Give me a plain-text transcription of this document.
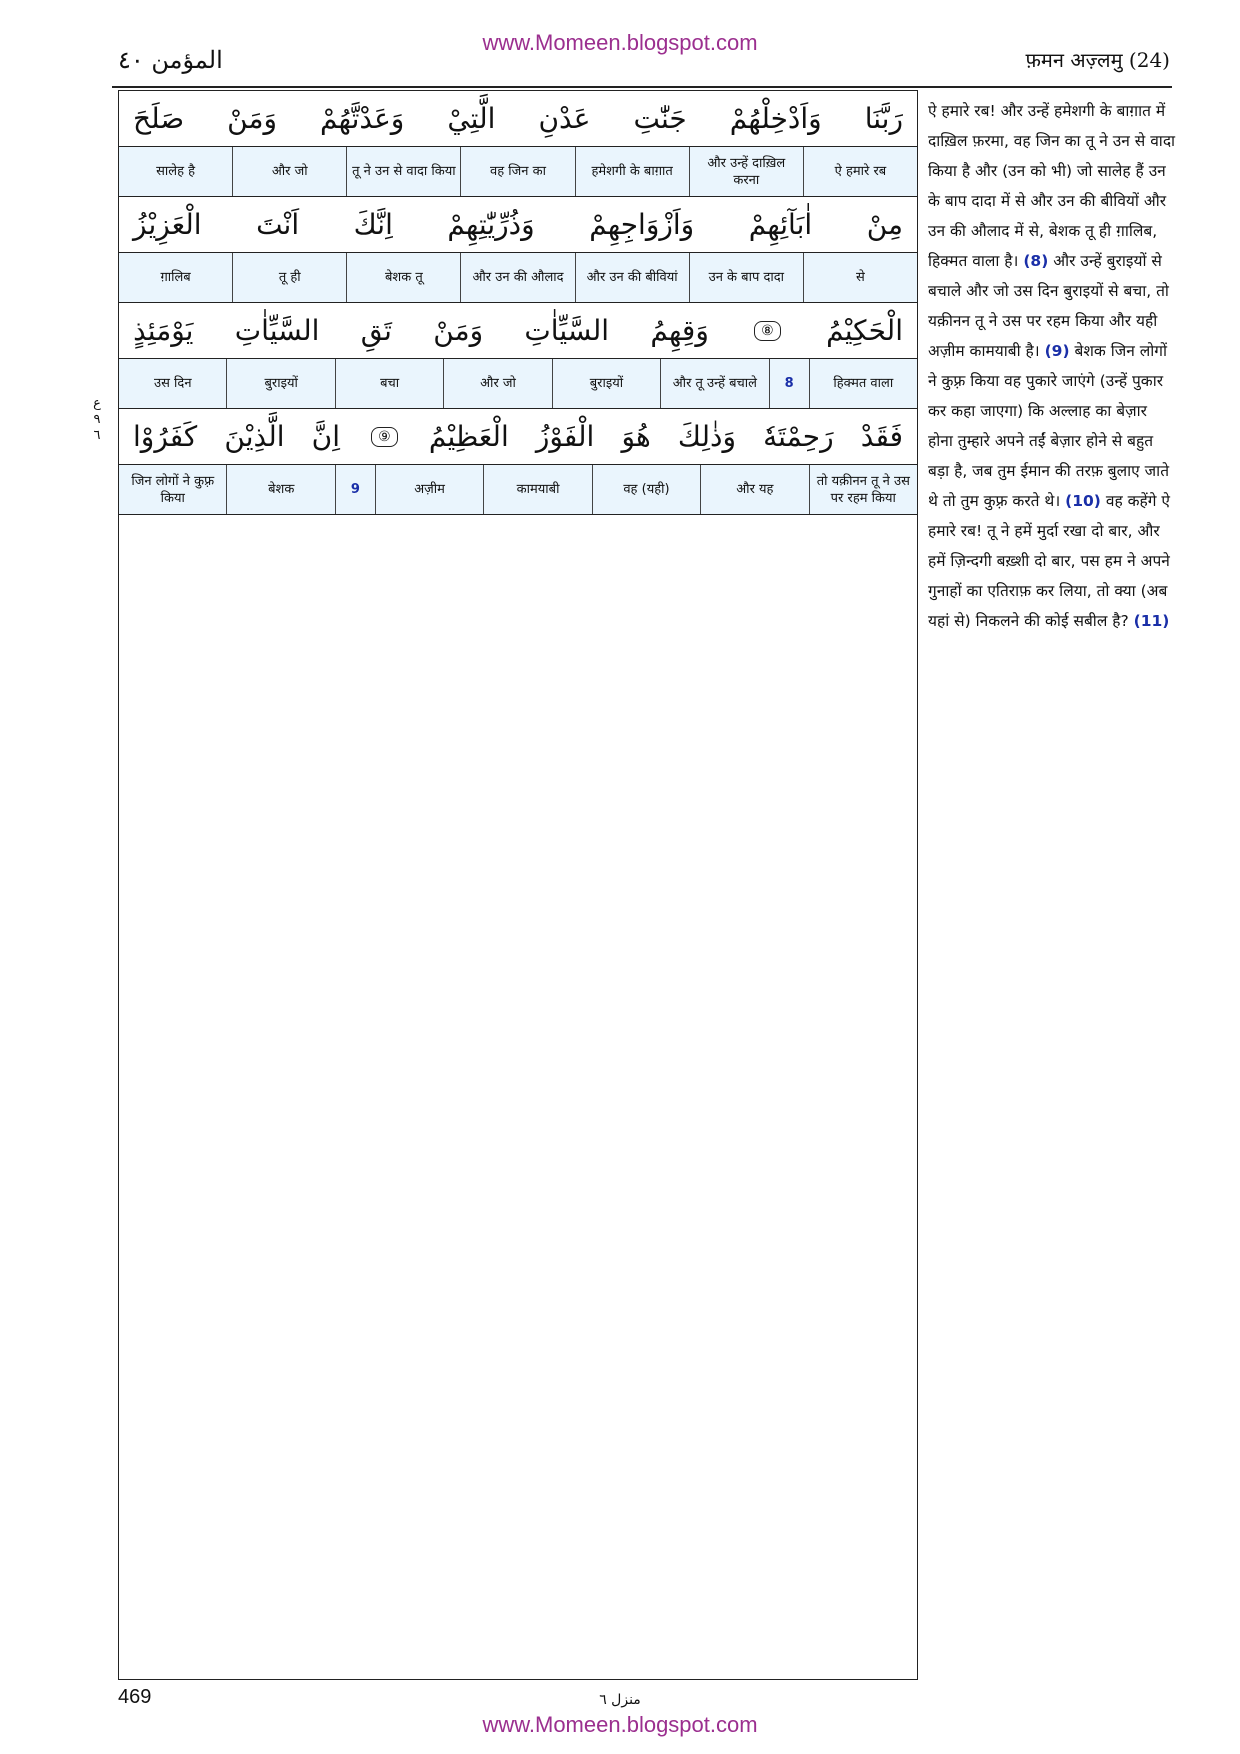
www.Momeen.blogspot.com
المؤمن ٤٠	फ़मन अज़्लमु (24)
ع
٩
٦
رَبَّنَا
وَاَدْخِلْهُمْ
جَنّٰتِ
عَدْنِ
الَّتِيْ
وَعَدْتَّهُمْ
وَمَنْ
صَلَحَ
ऐ हमारे रब
और उन्हें दाख़िल करना
हमेशगी के बाग़ात
वह जिन का
तू ने उन से वादा किया
और जो
सालेह है
مِنْ
اٰبَآئِهِمْ
وَاَزْوَاجِهِمْ
وَذُرِّيّٰتِهِمْ
اِنَّكَ
اَنْتَ
الْعَزِيْزُ
से
उन के बाप दादा
और उन की बीवियां
और उन की औलाद
बेशक तू
तू ही
ग़ालिब
الْحَكِيْمُ
⑧
وَقِهِمُ
السَّيِّاٰتِ
وَمَنْ
تَقِ
السَّيِّاٰتِ
يَوْمَئِذٍ
हिक्मत वाला
8
और तू उन्हें बचाले
बुराइयों
और जो
बचा
बुराइयों
उस दिन
فَقَدْ
رَحِمْتَهٗ
وَذٰلِكَ
هُوَ
الْفَوْزُ
الْعَظِيْمُ
⑨
اِنَّ
الَّذِيْنَ
كَفَرُوْا
तो यक़ीनन तू ने उस पर रहम किया
और यह
(यही) वह
कामयाबी
अज़ीम
9
बेशक
जिन लोगों ने कुफ़्र किया
ऐ हमारे रब! और उन्हें हमेशगी के बाग़ात में दाख़िल फ़रमा, वह जिन का तू ने उन से वादा किया है और (उन को भी) जो सालेह हैं उन के बाप दादा में से और उन की बीवियों और उन की औलाद में से, बेशक तू ही ग़ालिब, हिक्मत वाला है। (8) और उन्हें बुराइयों से बचाले और जो उस दिन बुराइयों से बचा, तो यक़ीनन तू ने उस पर रहम किया और यही अज़ीम कामयाबी है। (9) बेशक जिन लोगों ने कुफ़्र किया वह पुकारे जाएंगे (उन्हें पुकार कर कहा जाएगा) कि अल्लाह का बेज़ार होना तुम्हारे अपने तईं बेज़ार होने से बहुत बड़ा है, जब तुम ईमान की तरफ़ बुलाए जाते थे तो तुम कुफ़्र करते थे। (10) वह कहेंगे ऐ हमारे रब! तू ने हमें मुर्दा रखा दो बार, और हमें ज़िन्दगी बख़्शी दो बार, पस हम ने अपने गुनाहों का एतिराफ़ कर लिया, तो क्या (अब यहां से) निकलने की कोई सबील है? (11)
469	منزل ٦
www.Momeen.blogspot.com
